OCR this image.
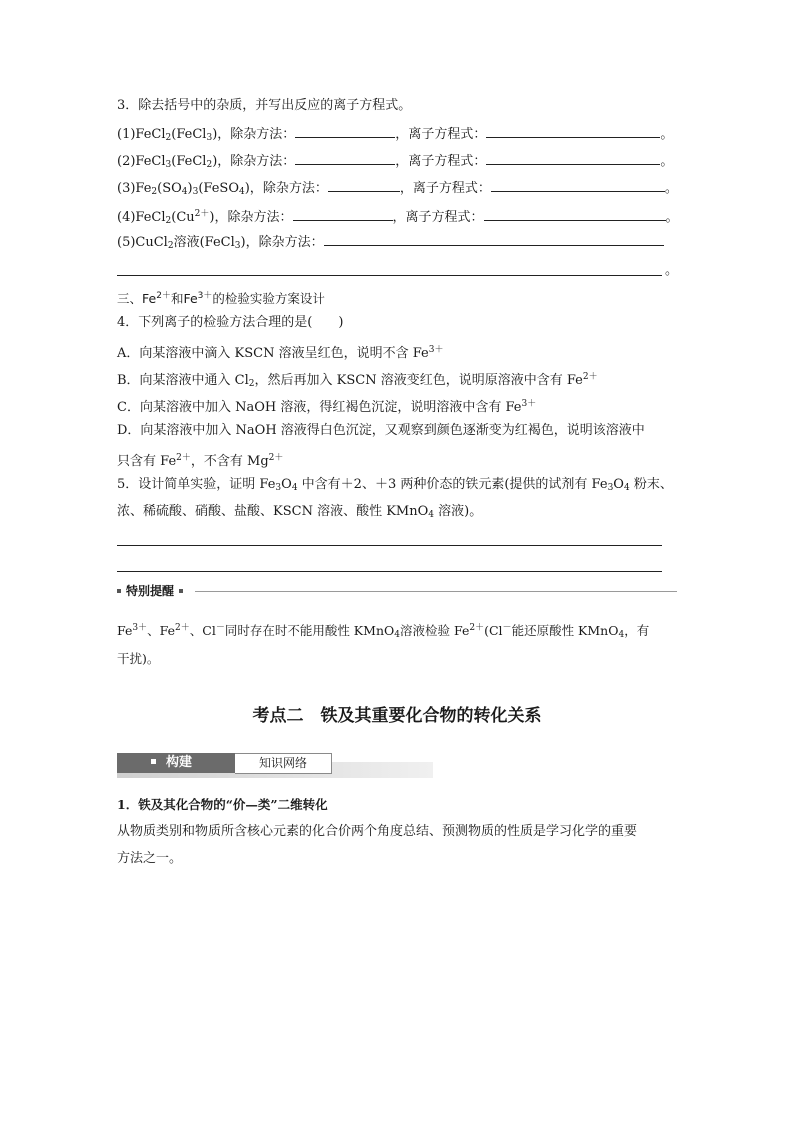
3．除去括号中的杂质，并写出反应的离子方程式。
(1)FeCl$_2$(FeCl$_3$)，除杂方法：	，离子方程式：	。
(2)FeCl$_3$(FeCl$_2$)，除杂方法：	，离子方程式：	。
$(3)Fe_2(SO_4)_3(FeSO_4)$，除杂方法：	，离子方程式：	。
$(4)FeCl_2(Cu^{2+})$，除杂方法：	，离子方程式：	。
(5)CuCl$_2$溶液(FeCl$_3$)，除杂方法：
。
三、$Fe^{2+}$和$Fe^{3+}$的检验实验方案设计
4．下列离子的检验方法合理的是(　　)
A．向某溶液中滴入 KSCN 溶液呈红色，说明不含 $Fe^{3+}$
B．向某溶液中通入 $Cl_2$，然后再加入 KSCN 溶液变红色，说明原溶液中含有 $Fe^{2+}$
C．向某溶液中加入 NaOH 溶液，得红褐色沉淀，说明溶液中含有 $Fe^{3+}$
D．向某溶液中加入 NaOH 溶液得白色沉淀，又观察到颜色逐渐变为红褐色，说明该溶液中
只含有 $Fe^{2+}$，不含有 $Mg^{2+}$
5．设计简单实验，证明 $Fe_3O_4$ 中含有＋2、＋3 两种价态的铁元素(提供的试剂有 $Fe_3O_4$ 粉末、
浓、稀硫酸、硝酸、盐酸、KSCN 溶液、酸性 KMnO$_4$ 溶液)。
特别提醒
$Fe^{3+}$、$Fe^{2+}$、Cl－同时存在时不能用酸性 KMnO$_4$溶液检验 $Fe^{2+}(Cl^-$能还原酸性 KMnO$_4$，有
干扰)。
考点二　铁及其重要化合物的转化关系
构建	知识网络
1．铁及其化合物的“价—类”二维转化
从物质类别和物质所含核心元素的化合价两个角度总结、预测物质的性质是学习化学的重要
方法之一。
